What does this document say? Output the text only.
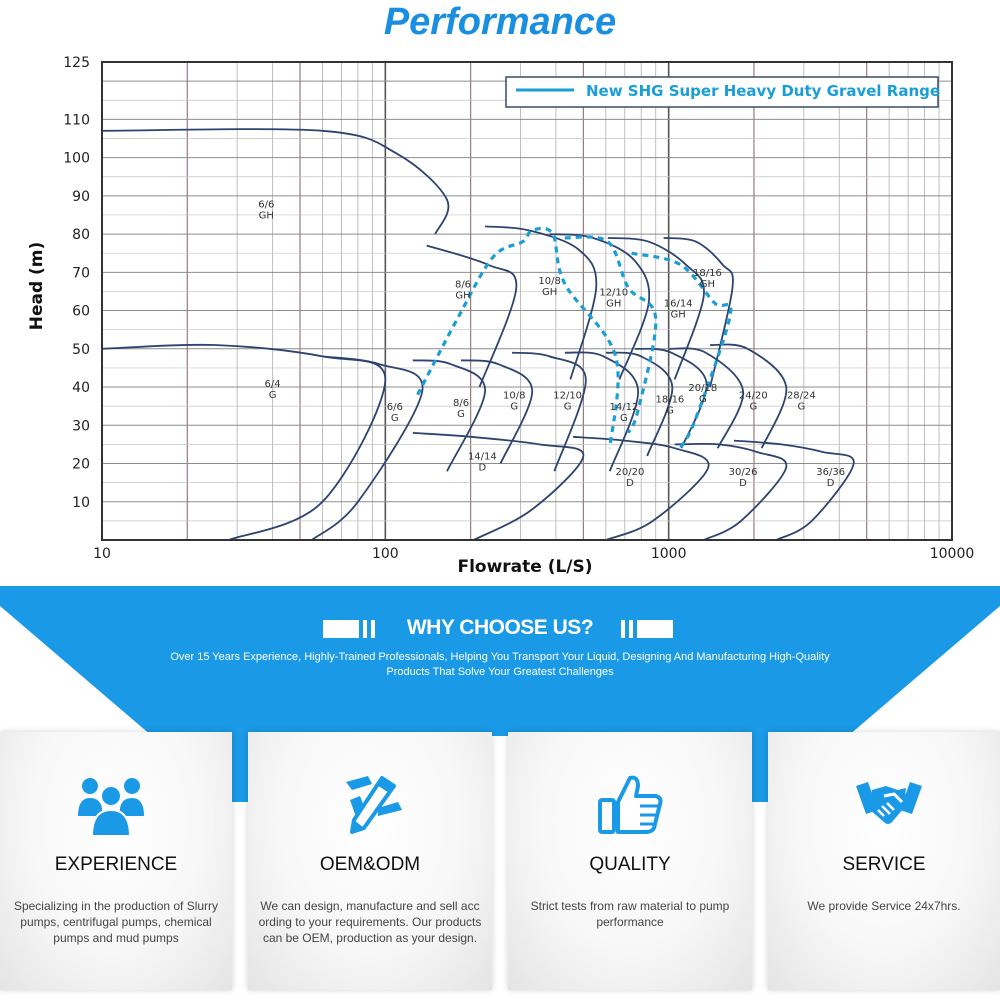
Performance
6/6 GH
8/6 GH
10/8 GH	12/10 GH	16/14 GH
18/16 GH
6/4 G
6/6 G
8/6 G
10/8 G
12/10 G	14/12 G
18/16 G
20/18 G	24/20 G
28/24 G
14/14 D	20/20 D
30/26 D
36/36 D
10
20
30
40
50
60
70
80
90
100
110
125
10	100	1000	10000
New SHG Super Heavy Duty Gravel Range
Flowrate (L/S)
Head (m)
WHY CHOOSE US?
Over 15 Years Experience, Highly-Trained Professionals, Helping You Transport Your Liquid, Designing And Manufacturing High-Quality Products That Solve Your Greatest Challenges
EXPERIENCE
Specializing in the production of Slurry pumps, centrifugal pumps, chemical pumps and mud pumps
OEM&ODM
We can design, manufacture and sell acc ording to your requirements. Our products can be OEM, production as your design.
QUALITY
Strict tests from raw material to pump performance
SERVICE
We provide Service 24x7hrs.
